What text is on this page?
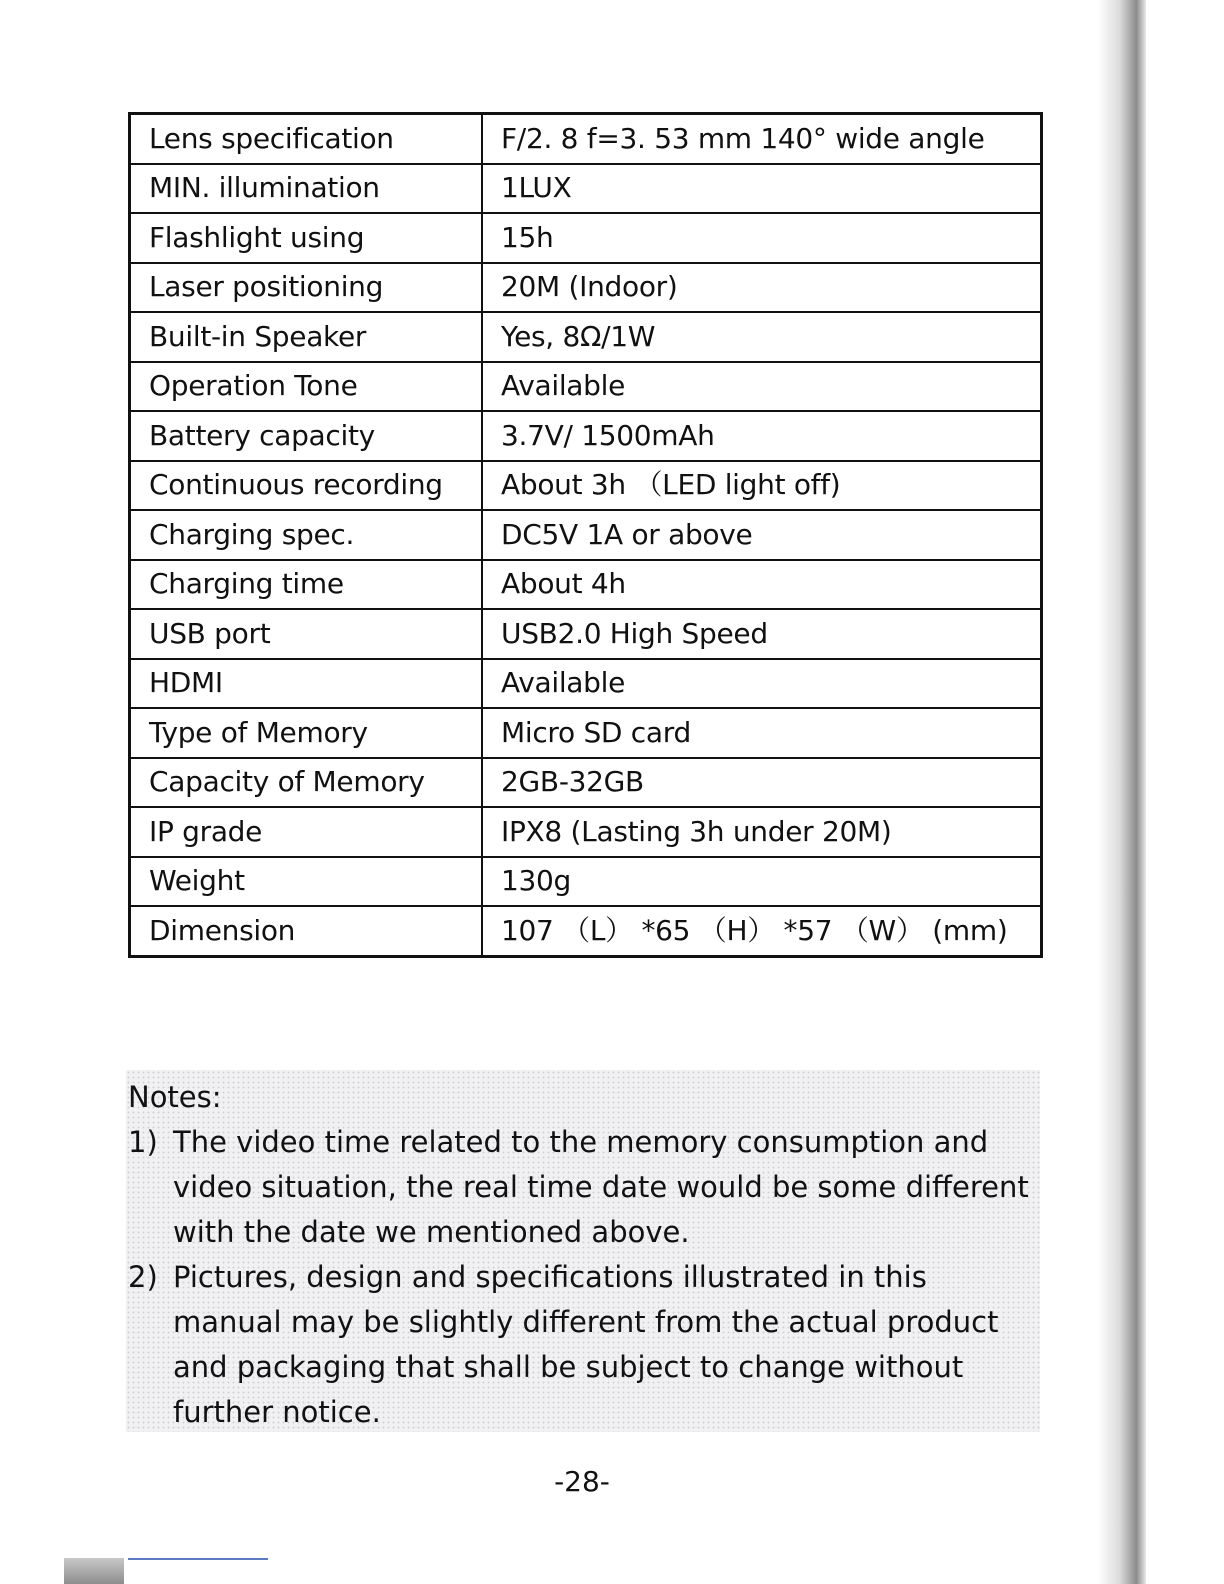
Lens specification	F/2. 8 f=3. 53 mm 140° wide angle
MIN. illumination	1LUX
Flashlight using	15h
Laser positioning	20M (Indoor)
Built-in Speaker	Yes, 8Ω/1W
Operation Tone	Available
Battery capacity	3.7V/ 1500mAh
Continuous recording	About 3h （LED light off)
Charging spec.	DC5V 1A or above
Charging time	About 4h
USB port	USB2.0 High Speed
HDMI	Available
Type of Memory	Micro SD card
Capacity of Memory	2GB-32GB
IP grade	IPX8 (Lasting 3h under 20M)
Weight	130g
Dimension	107 （L） *65 （H） *57 （W） (mm)
Notes:
1) The video time related to the memory consumption and video situation, the real time date would be some different with the date we mentioned above.
2) Pictures, design and specifications illustrated in this manual may be slightly different from the actual product and packaging that shall be subject to change without further notice.
-28-
